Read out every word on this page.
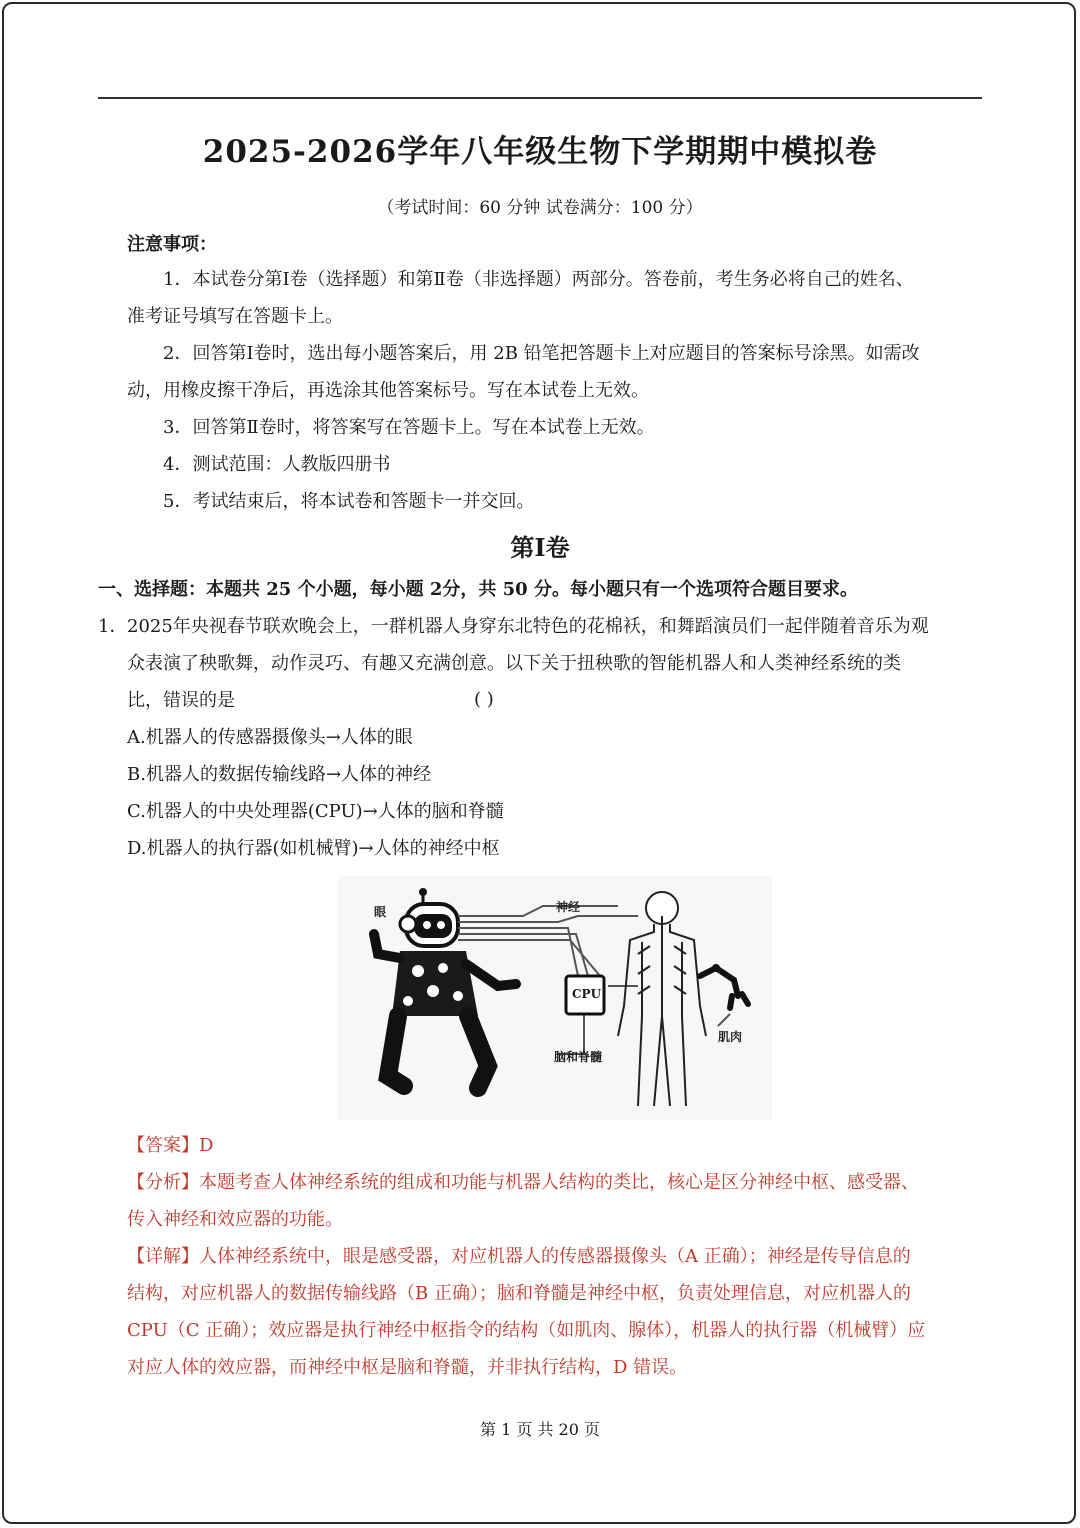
2025-2026学年八年级生物下学期期中模拟卷
（考试时间：60 分钟 试卷满分：100 分）
注意事项：
1．本试卷分第Ⅰ卷（选择题）和第Ⅱ卷（非选择题）两部分。答卷前，考生务必将自己的姓名、
准考证号填写在答题卡上。
2．回答第Ⅰ卷时，选出每小题答案后，用 2B 铅笔把答题卡上对应题目的答案标号涂黑。如需改
动，用橡皮擦干净后，再选涂其他答案标号。写在本试卷上无效。
3．回答第Ⅱ卷时，将答案写在答题卡上。写在本试卷上无效。
4．测试范围：人教版四册书
5．考试结束后，将本试卷和答题卡一并交回。
第Ⅰ卷
一、选择题：本题共 25 个小题，每小题 2分，共 50 分。每小题只有一个选项符合题目要求。
1． 2025年央视春节联欢晚会上，一群机器人身穿东北特色的花棉袄，和舞蹈演员们一起伴随着音乐为观
众表演了秧歌舞，动作灵巧、有趣又充满创意。以下关于扭秧歌的智能机器人和人类神经系统的类
比，错误的是	( )
A.机器人的传感器摄像头→人体的眼
B.机器人的数据传输线路→人体的神经
C.机器人的中央处理器(CPU)→人体的脑和脊髓
D.机器人的执行器(如机械臂)→人体的神经中枢
眼	神经
CPU
脑和脊髓
肌肉
【答案】D
【分析】本题考查人体神经系统的组成和功能与机器人结构的类比，核心是区分神经中枢、感受器、
传入神经和效应器的功能。
【详解】人体神经系统中，眼是感受器，对应机器人的传感器摄像头（A 正确）；神经是传导信息的
结构，对应机器人的数据传输线路（B 正确）；脑和脊髓是神经中枢，负责处理信息，对应机器人的
CPU（C 正确）；效应器是执行神经中枢指令的结构（如肌肉、腺体），机器人的执行器（机械臂）应
对应人体的效应器，而神经中枢是脑和脊髓，并非执行结构，D 错误。
第 1 页 共 20 页
